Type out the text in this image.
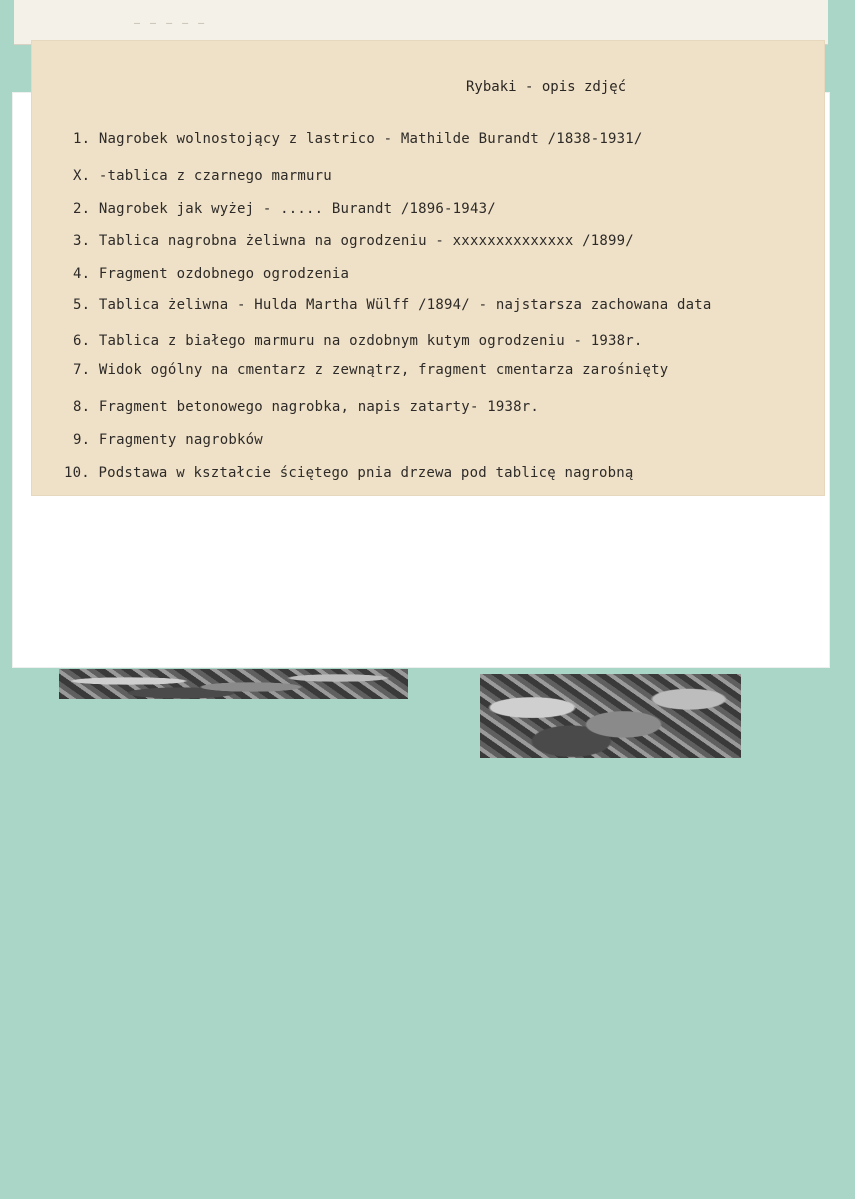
— — — — —
Rybaki - opis zdjęć
1. Nagrobek wolnostojący z lastrico - Mathilde Burandt /1838-1931/
X. -tablica z czarnego marmuru
2. Nagrobek jak wyżej - ..... Burandt /1896-1943/
3. Tablica nagrobna żeliwna na ogrodzeniu - xxxxxxxxxxxxxx /1899/
4. Fragment ozdobnego ogrodzenia
5. Tablica żeliwna - Hulda Martha Wülff /1894/ - najstarsza zachowana data
6. Tablica z białego marmuru na ozdobnym kutym ogrodzeniu - 1938r.
7. Widok ogólny na cmentarz z zewnątrz, fragment cmentarza zarośnięty
8. Fragment betonowego nagrobka, napis zatarty- 1938r.
9. Fragmenty nagrobków
10. Podstawa w kształcie ściętego pnia drzewa pod tablicę nagrobną
